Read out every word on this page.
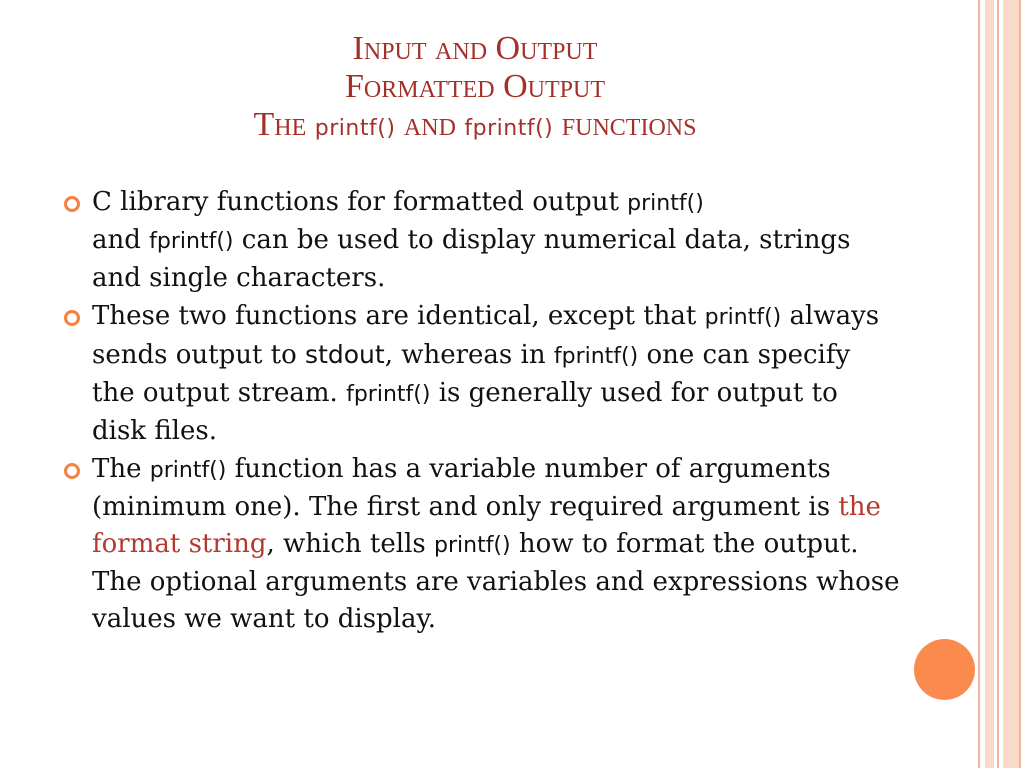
Input and Output
Formatted Output
The printf() and fprintf() functions
C library functions for formatted output printf()
and fprintf() can be used to display numerical data, strings and single characters.
These two functions are identical, except that printf() always sends output to stdout, whereas in fprintf() one can specify the output stream. fprintf() is generally used for output to disk files.
The printf() function has a variable number of arguments (minimum one). The first and only required argument is the format string, which tells printf() how to format the output. The optional arguments are variables and expressions whose values we want to display.
